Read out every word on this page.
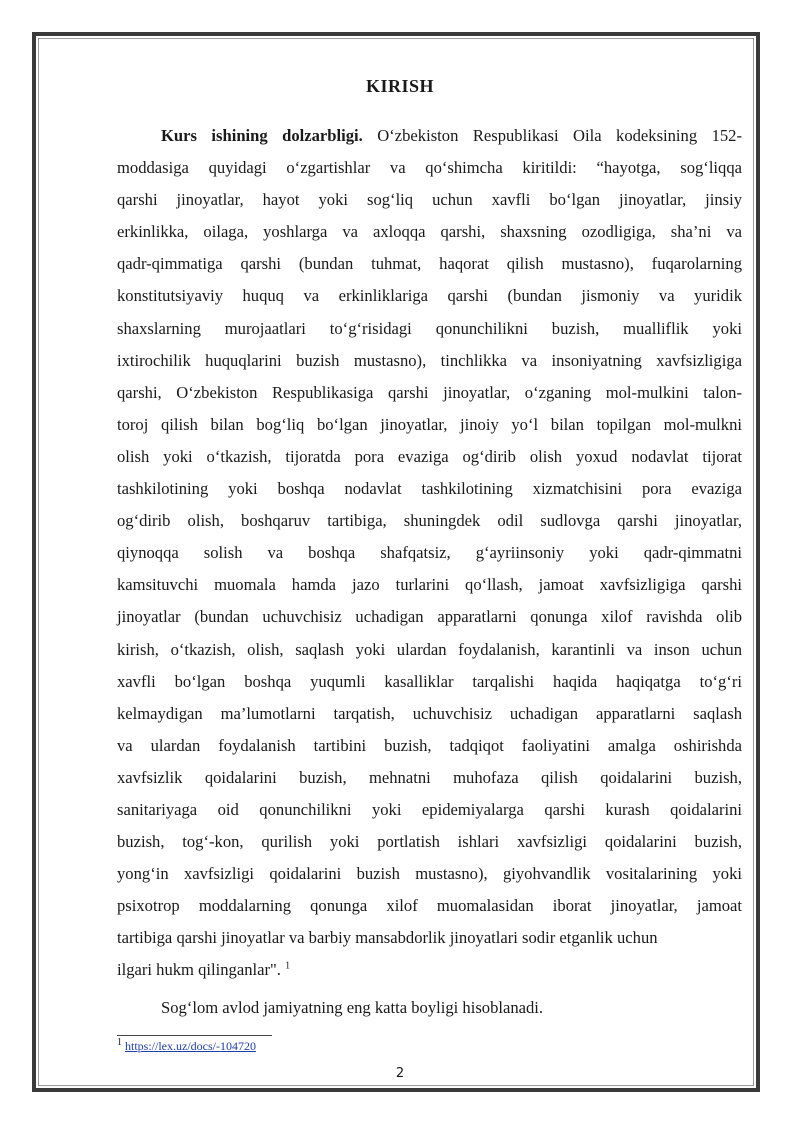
KIRISH
Kurs ishining dolzarbligi. O‘zbekiston Respublikasi Oila kodeksining 152-
moddasiga quyidagi o‘zgartishlar va qo‘shimcha kiritildi: “hayotga, sog‘liqqa
qarshi jinoyatlar, hayot yoki sog‘liq uchun xavfli bo‘lgan jinoyatlar, jinsiy
erkinlikka, oilaga, yoshlarga va axloqqa qarshi, shaxsning ozodligiga, sha’ni va
qadr-qimmatiga qarshi (bundan tuhmat, haqorat qilish mustasno), fuqarolarning
konstitutsiyaviy huquq va erkinliklariga qarshi (bundan jismoniy va yuridik
shaxslarning murojaatlari to‘g‘risidagi qonunchilikni buzish, mualliflik yoki
ixtirochilik huquqlarini buzish mustasno), tinchlikka va insoniyatning xavfsizligiga
qarshi, O‘zbekiston Respublikasiga qarshi jinoyatlar, o‘zganing mol-mulkini talon-
toroj qilish bilan bog‘liq bo‘lgan jinoyatlar, jinoiy yo‘l bilan topilgan mol-mulkni
olish yoki o‘tkazish, tijoratda pora evaziga og‘dirib olish yoxud nodavlat tijorat
tashkilotining yoki boshqa nodavlat tashkilotining xizmatchisini pora evaziga
og‘dirib olish, boshqaruv tartibiga, shuningdek odil sudlovga qarshi jinoyatlar,
qiynoqqa solish va boshqa shafqatsiz, g‘ayriinsoniy yoki qadr-qimmatni
kamsituvchi muomala hamda jazo turlarini qo‘llash, jamoat xavfsizligiga qarshi
jinoyatlar (bundan uchuvchisiz uchadigan apparatlarni qonunga xilof ravishda olib
kirish, o‘tkazish, olish, saqlash yoki ulardan foydalanish, karantinli va inson uchun
xavfli bo‘lgan boshqa yuqumli kasalliklar tarqalishi haqida haqiqatga to‘g‘ri
kelmaydigan ma’lumotlarni tarqatish, uchuvchisiz uchadigan apparatlarni saqlash
va ulardan foydalanish tartibini buzish, tadqiqot faoliyatini amalga oshirishda
xavfsizlik qoidalarini buzish, mehnatni muhofaza qilish qoidalarini buzish,
sanitariyaga oid qonunchilikni yoki epidemiyalarga qarshi kurash qoidalarini
buzish, tog‘-kon, qurilish yoki portlatish ishlari xavfsizligi qoidalarini buzish,
yong‘in xavfsizligi qoidalarini buzish mustasno), giyohvandlik vositalarining yoki
psixotrop moddalarning qonunga xilof muomalasidan iborat jinoyatlar, jamoat
tartibiga qarshi jinoyatlar va barbiy mansabdorlik jinoyatlari sodir etganlik uchun
ilgari hukm qilinganlar". $^1$
Sog‘lom avlod jamiyatning eng katta boyligi hisoblanadi.
$^1$ https://lex.uz/docs/-104720
2
